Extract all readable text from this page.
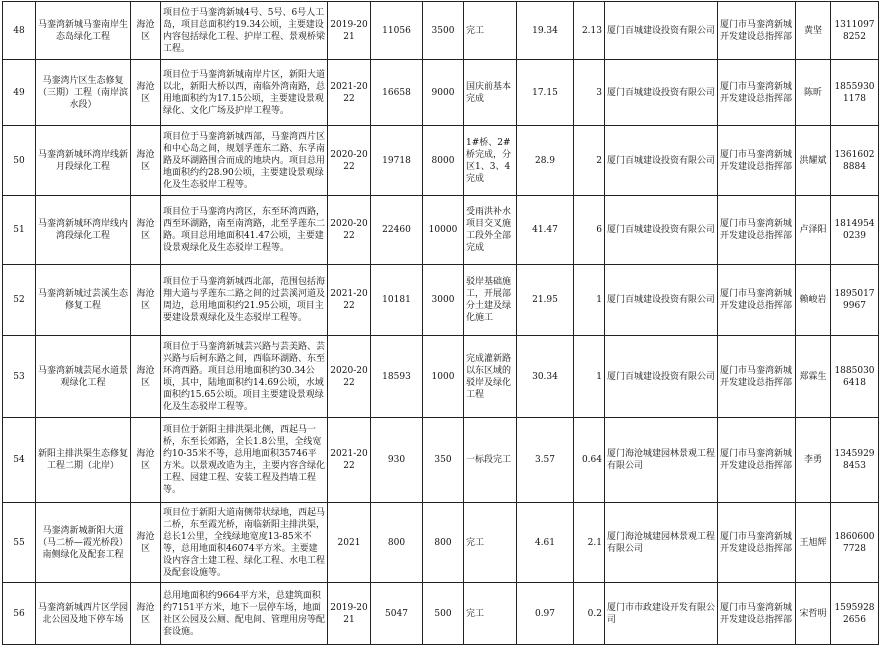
48	马銮湾新城马銮南岸生态岛绿化工程	海沧区	项目位于马銮湾新城4号、5号、6号人工岛，项目总面积约19.34公顷，主要建设内容包括绿化工程、护岸工程、景观桥梁工程。	2019-2021	11056	3500	完工	19.34	2.13	厦门百城建设投资有限公司	厦门市马銮湾新城开发建设总指挥部	黄坚	13110978252
49	马銮湾片区生态修复（三期）工程（南岸滨水段）	海沧区	项目位于马銮湾新城南岸片区，新阳大道以北，新阳大桥以西，南临外湾南路，总用地面积约为17.15公顷，主要建设景观绿化、文化广场及护岸工程等。	2021-2022	16658	9000	国庆前基本完成	17.15	3	厦门百城建设投资有限公司	厦门市马銮湾新城开发建设总指挥部	陈昕	18559301178
50	马銮湾新城环湾岸线新月段绿化工程	海沧区	项目位于马銮湾新城西部，马銮湾西片区和中心岛之间，规划孚莲东二路、东孚南路及环湖路围合而成的地块内。项目总用地面积约约28.90公顷，主要建设景观绿化及生态驳岸工程等。	2020-2022	19718	8000	1#桥、2#桥完成，分区1、3、4完成	28.9	2	厦门百城建设投资有限公司	厦门市马銮湾新城开发建设总指挥部	洪耀斌	13616028884
51	马銮湾新城环湾岸线内湾段绿化工程	海沧区	项目位于马銮湾内湾区，东至环湾西路，西至环湖路，南至南湾路，北至孚莲东二路。项目总用地面积41.47公顷，主要建设景观绿化及生态驳岸工程等。	2020-2022	22460	10000	受雨洪补水项目交叉施工段外全部完成	41.47	6	厦门百城建设投资有限公司	厦门市马銮湾新城开发建设总指挥部	卢泽阳	18149540239
52	马銮湾新城过芸溪生态修复工程	海沧区	项目位于马銮湾新城西北部，范围包括海翔大道与孚莲东二路之间的过芸溪河道及周边，总用地面积约21.95公顷，项目主要建设景观绿化及生态驳岸工程等。	2021-2022	10181	3000	驳岸基础施工，开展部分土建及绿化施工	21.95	1	厦门百城建设投资有限公司	厦门市马銮湾新城开发建设总指挥部	赖峻岩	18950179967
53	马銮湾新城芸尾水道景观绿化工程	海沧区	项目位于马銮湾新城芸兴路与芸美路、芸兴路与后柯东路之间，西临环湖路、东至环湾西路。项目总用地面积约30.34公顷，其中，陆地面积约14.69公顷，水域面积约15.65公顷。项目主要建设景观绿化及生态驳岸工程等。	2020-2022	18593	1000	完成灌新路以东区域的驳岸及绿化工程	30.34	1	厦门百城建设投资有限公司	厦门市马銮湾新城开发建设总指挥部	郑霖生	18850306418
54	新阳主排洪渠生态修复工程二期（北岸）	海沧区	项目位于新阳主排洪渠北侧，西起马一桥，东至长郊路，全长1.8公里，全线宽约10-35米不等，总用地面积35746平方米。以景观改造为主，主要内容含绿化工程、园建工程、安装工程及挡墙工程等。	2021-2022	930	350	一标段完工	3.57	0.64	厦门海沧城建园林景观工程有限公司	厦门市马銮湾新城开发建设总指挥部	李勇	13459298453
55	马銮湾新城新阳大道（马二桥—霞光桥段）南侧绿化及配套工程	海沧区	项目位于新阳大道南侧带状绿地，西起马二桥，东至霞光桥，南临新阳主排洪渠，总长1公里，全线绿地宽度13-85米不等，总用地面积46074平方米。主要建设内容含土建工程、绿化工程、水电工程及配套设施等。	2021	800	800	完工	4.61	2.1	厦门海沧城建园林景观工程有限公司	厦门市马銮湾新城开发建设总指挥部	王旭辉	18606007728
56	马銮湾新城西片区学园北公园及地下停车场	海沧区	总用地面积约9664平方米，总建筑面积约7151平方米，地下一层停车场，地面社区公园及公厕、配电间、管理用房等配套设施。	2019-2021	5047	500	完工	0.97	0.2	厦门市市政建设开发有限公司	厦门市马銮湾新城开发建设总指挥部	宋哲明	15959282656
